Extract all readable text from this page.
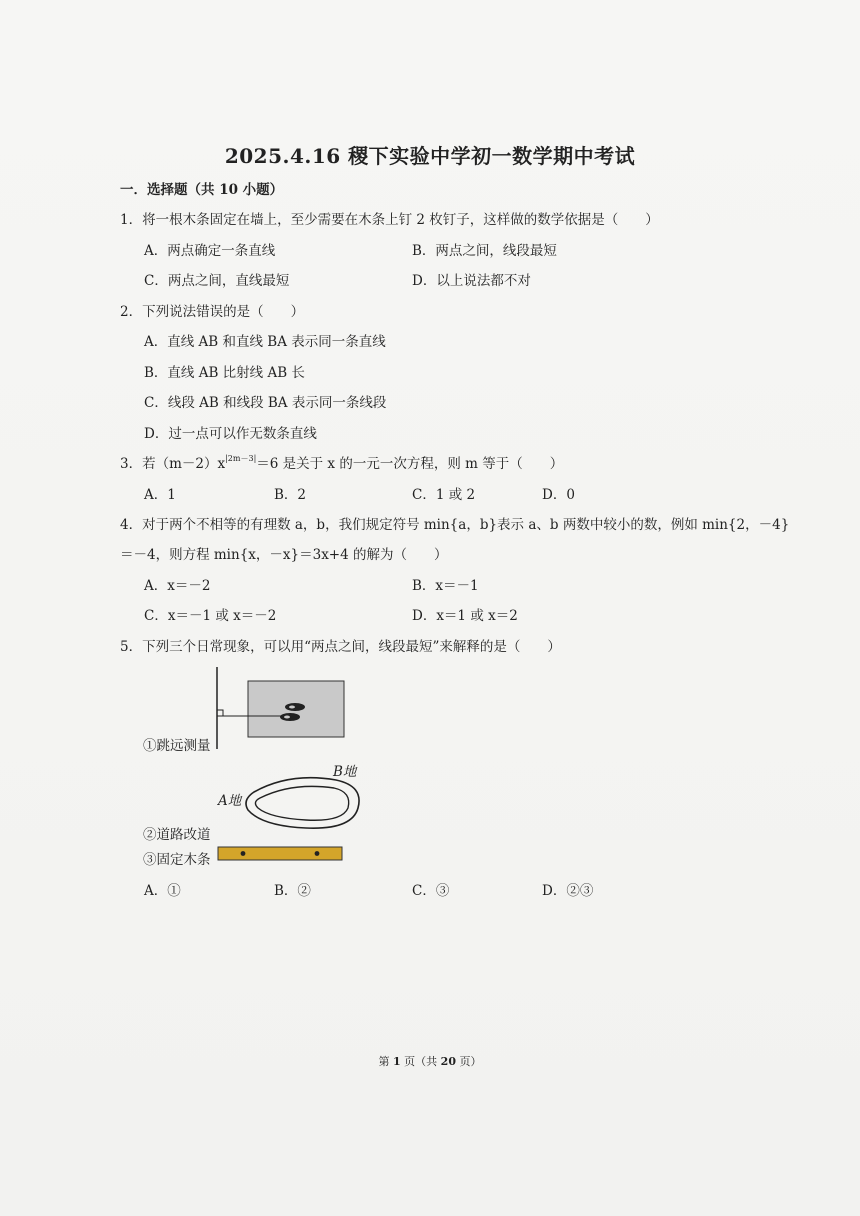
2025.4.16 稷下实验中学初一数学期中考试
一．选择题（共 10 小题）
1．将一根木条固定在墙上，至少需要在木条上钉 2 枚钉子，这样做的数学依据是（　　）
A．两点确定一条直线	B．两点之间，线段最短
C．两点之间，直线最短	D．以上说法都不对
2．下列说法错误的是（　　）
A．直线 AB 和直线 BA 表示同一条直线
B．直线 AB 比射线 AB 长
C．线段 AB 和线段 BA 表示同一条线段
D．过一点可以作无数条直线
3．若$(m-2)x^{|2m-3|}=6$ 是关于 x 的一元一次方程，则 m 等于（　　）
A．1	B．2	C．1 或 2	D．0
4．对于两个不相等的有理数 a，b，我们规定符号 min{a，b}表示 a、b 两数中较小的数，例如 min{2，－4}
＝－4，则方程 min{x，－x}＝3x+4 的解为（　　）
A．x＝－2	B．x＝－1
C．x＝－1 或 x＝－2	D．x＝1 或 x＝2
5．下列三个日常现象，可以用“两点之间，线段最短”来解释的是（　　）
①跳远测量
B地
A地
②道路改道
③固定木条
A．①	B．②	C．③	D．②③
第 1 页（共 20 页）
